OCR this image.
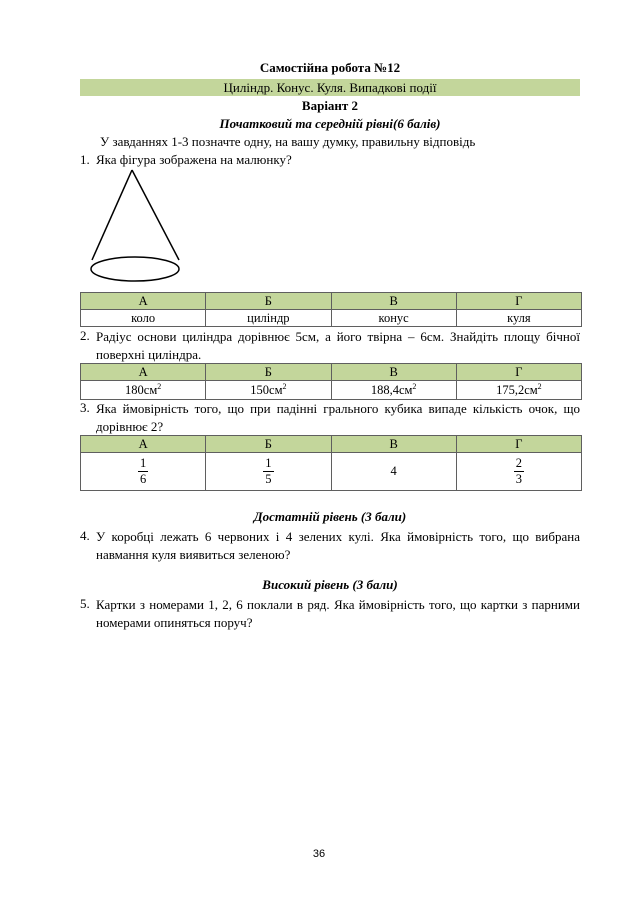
Самостійна робота №12
Циліндр. Конус. Куля. Випадкові події
Варіант 2
Початковий та середній рівні(6 балів)
У завданнях 1-3 позначте одну, на вашу думку, правильну відповідь
1. Яка фігура зображена на малюнку?
А	Б	В	Г
коло	циліндр	конус	куля
2. Радіус основи циліндра дорівнює 5см, а його твірна – 6см. Знайдіть площу бічної поверхні циліндра.
А	Б	В	Г
$180см^2$	$150см^2$	$188,4см^2$	$175,2см^2$
3. Яка ймовірність того, що при падінні грального кубика випаде кількість очок, що дорівнює 2?
А	Б	В	Г

$\frac{1}{6}$	$\frac{1}{5}$	4	$\frac{2}{3}$
Достатній рівень (3 бали)
4. У коробці лежать 6 червоних і 4 зелених кулі. Яка ймовірність того, що вибрана навмання куля виявиться зеленою?
Високий рівень (3 бали)
5. Картки з номерами 1, 2, 6 поклали в ряд. Яка ймовірність того, що картки з парними номерами опиняться поруч?
36
